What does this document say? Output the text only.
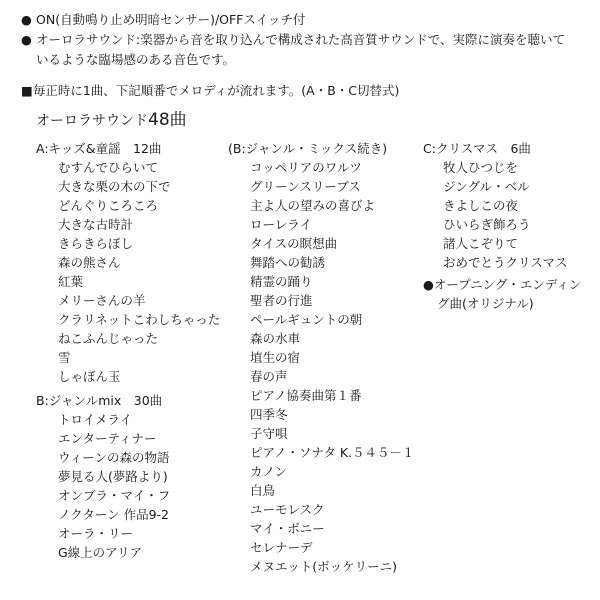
● ON(自動鳴り止め明暗センサー)/OFFスイッチ付
● オーロラサウンド:楽器から音を取り込んで構成された高音質サウンドで、実際に演奏を聴いて
いるような臨場感のある音色です。
■毎正時に1曲、下記順番でメロディが流れます。(A・B・C切替式)
オーロラサウンド48曲
A:キッズ&童謡　12曲
むすんでひらいて
大きな栗の木の下で
どんぐりころころ
大きな古時計
きらきらぼし
森の熊さん
紅葉
メリーさんの羊
クラリネットこわしちゃった
ねこふんじゃった
雪
しゃぼん玉
B:ジャンルmix　30曲
トロイメライ
エンターティナー
ウィーンの森の物語
夢見る人(夢路より)
オンブラ・マイ・フ
ノクターン 作品9-2
オーラ・リー
G線上のアリア
(B:ジャンル・ミックス続き)
コッペリアのワルツ
グリーンスリーブス
主よ人の望みの喜びよ
ローレライ
タイスの瞑想曲
舞踏への勧誘
精霊の踊り
聖者の行進
ペールギュントの朝
森の水車
埴生の宿
春の声
ピアノ協奏曲第１番
四季冬
子守唄
ピアノ・ソナタ K.５４５－１
カノン
白鳥
ユーモレスク
マイ・ボニー
セレナーデ
メヌエット(ボッケリーニ)
C:クリスマス　6曲
牧人ひつじを
ジングル・ベル
きよしこの夜
ひいらぎ飾ろう
諸人こぞりて
おめでとうクリスマス
●オープニング・エンディン
グ曲(オリジナル)
